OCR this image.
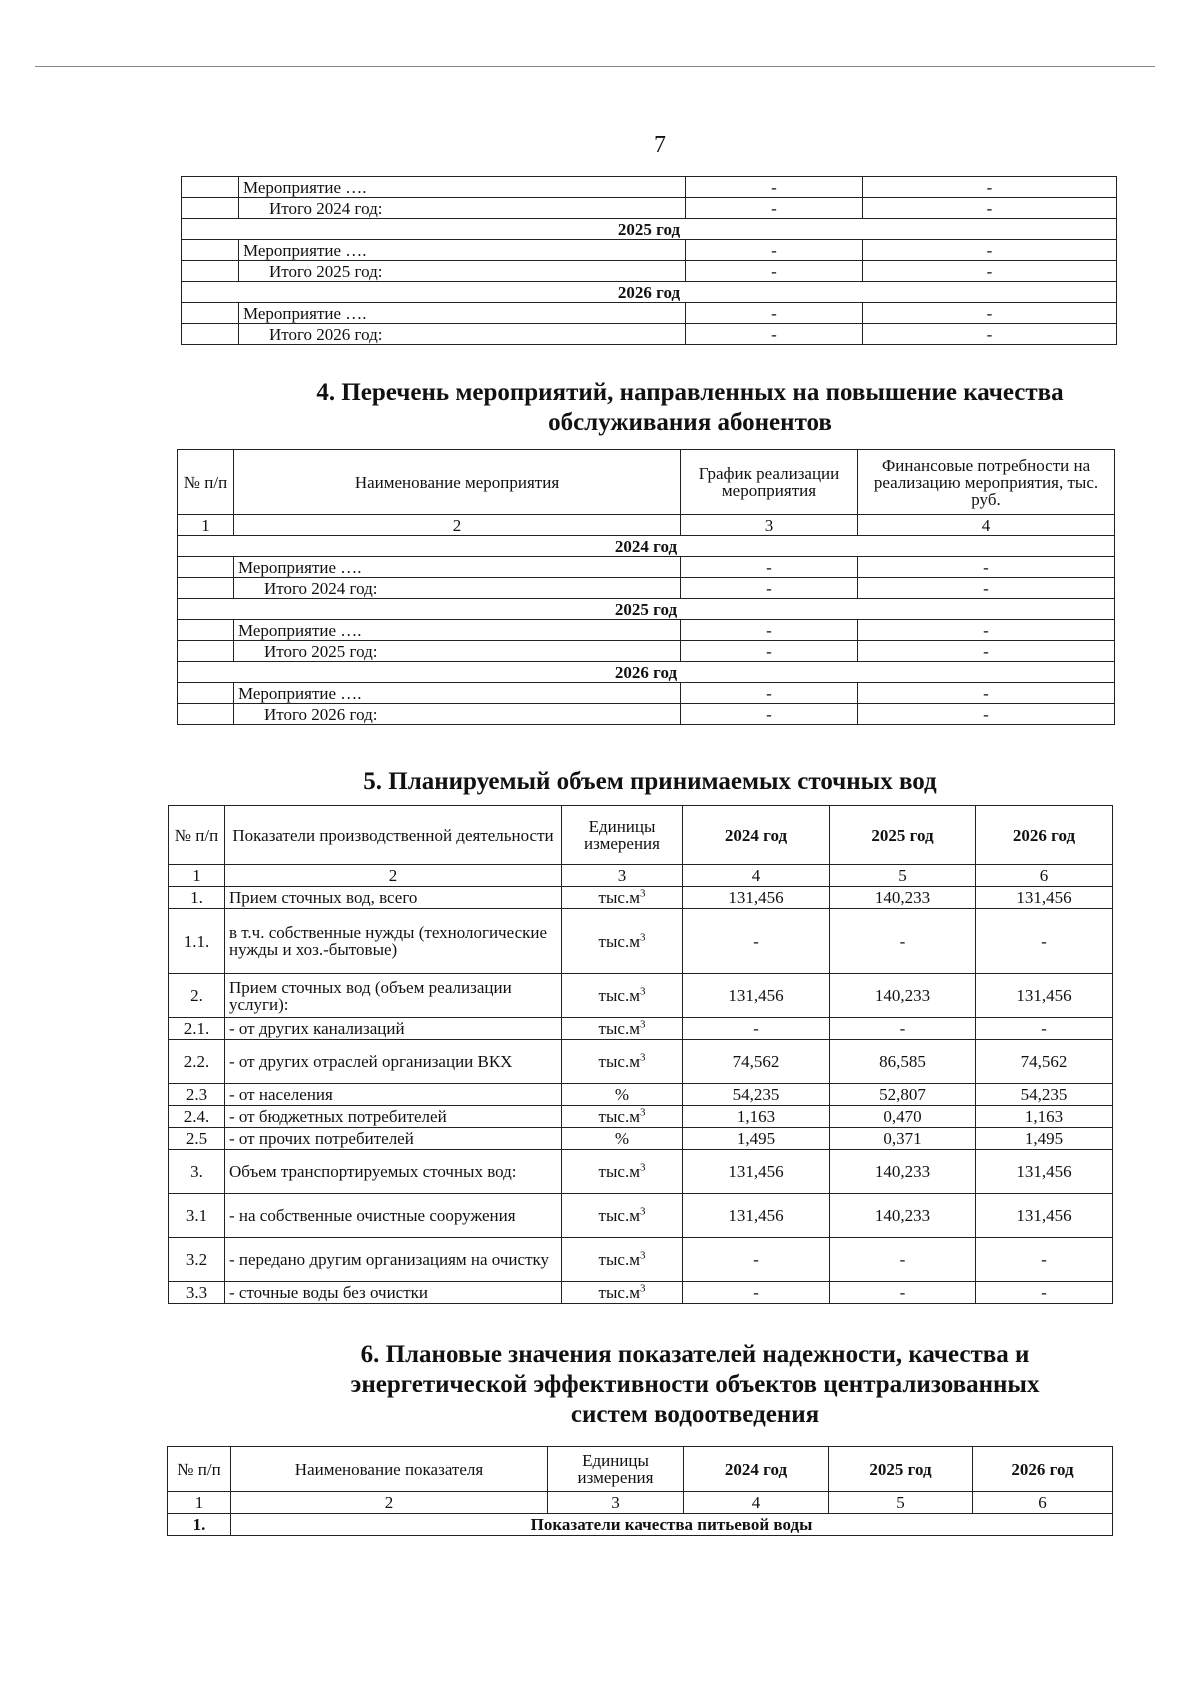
7
	Мероприятие ….	-	-
	Итого 2024 год:	-	-
2025 год			
	Мероприятие ….	-	-
	Итого 2025 год:	-	-
2026 год			
	Мероприятие ….	-	-
	Итого 2026 год:	-	-
4. Перечень мероприятий, направленных на повышение качества обслуживания абонентов
№ п/п	Наименование мероприятия	График реализации мероприятия	Финансовые потребности на реализацию мероприятия, тыс. руб.
1	2	3	4
2024 год			
	Мероприятие ….	-	-
	Итого 2024 год:	-	-
2025 год			
	Мероприятие ….	-	-
	Итого 2025 год:	-	-
2026 год			
	Мероприятие ….	-	-
	Итого 2026 год:	-	-
5. Планируемый объем принимаемых сточных вод
№ п/п	Показатели производственной деятельности	Единицы измерения	2024 год	2025 год	2026 год
1	2	3	4	5	6
1.	Прием сточных вод, всего	$тыс.м^3$	131,456	140,233	131,456
1.1.	в т.ч. собственные нужды (технологические нужды и хоз.-бытовые)	$тыс.м^3$	-	-	-
2.	Прием сточных вод (объем реализации услуги):	$тыс.м^3$	131,456	140,233	131,456
2.1.	- от других канализаций	$тыс.м^3$	-	-	-
2.2.	- от других отраслей организации ВКХ	$тыс.м^3$	74,562	86,585	74,562
2.3	- от населения	%	54,235	52,807	54,235
2.4.	- от бюджетных потребителей	$тыс.м^3$	1,163	0,470	1,163
2.5	- от прочих потребителей	%	1,495	0,371	1,495
3.	Объем транспортируемых сточных вод:	$тыс.м^3$	131,456	140,233	131,456
3.1	- на собственные очистные сооружения	$тыс.м^3$	131,456	140,233	131,456
3.2	- передано другим организациям на очистку	$тыс.м^3$	-	-	-
3.3	- сточные воды без очистки	$тыс.м^3$	-	-	-
6. Плановые значения показателей надежности, качества и энергетической эффективности объектов централизованных систем водоотведения
№ п/п	Наименование показателя	Единицы измерения	2024 год	2025 год	2026 год
1	2	3	4	5	6
1.	Показатели качества питьевой воды				
